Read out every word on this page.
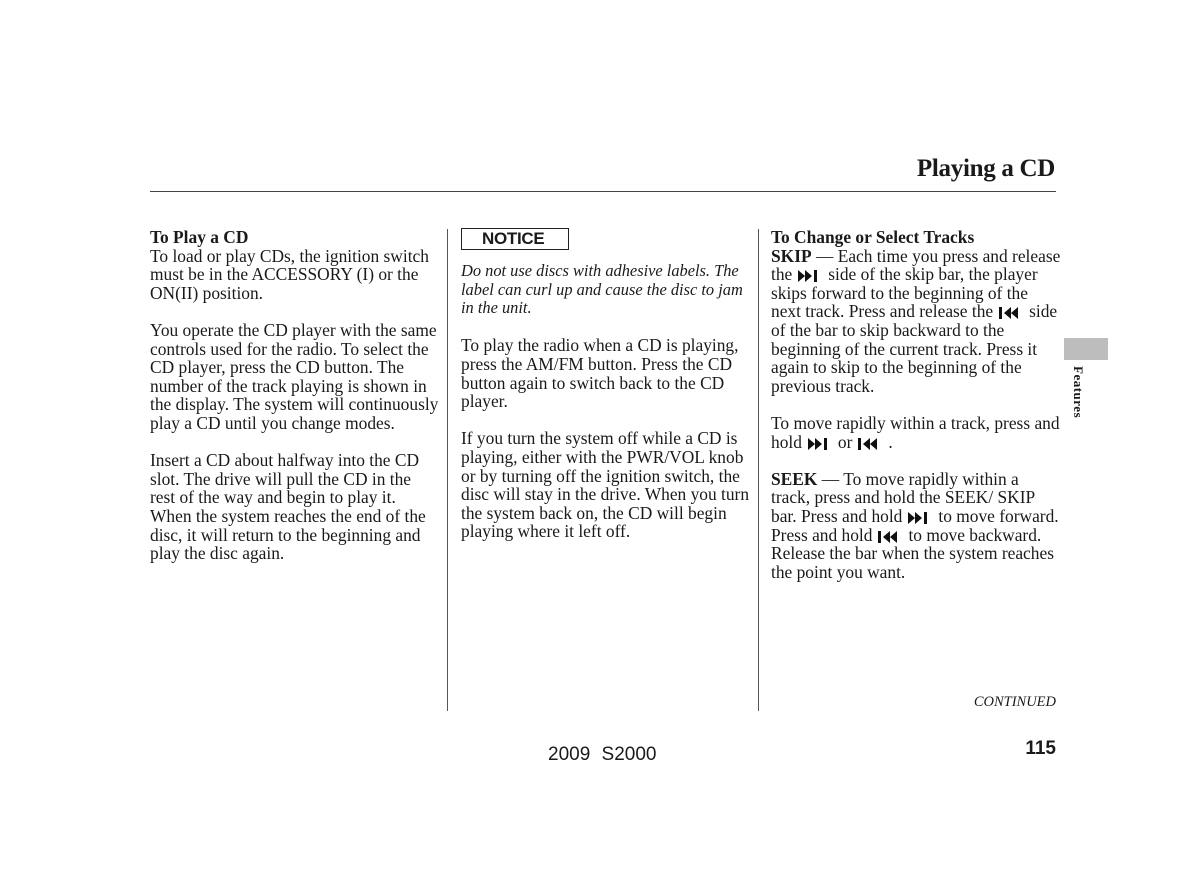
Playing a CD
To Play a CD

To load or play CDs, the ignition switch must be in the ACCESSORY (I) or the ON(II) position.

You operate the CD player with the same controls used for the radio. To select the CD player, press the CD button. The number of the track playing is shown in the display. The system will continuously play a CD until you change modes.

Insert a CD about halfway into the CD slot. The drive will pull the CD in the rest of the way and begin to play it. When the system reaches the end of the disc, it will return to the beginning and play the disc again.

NOTICE

Do not use discs with adhesive labels. The label can curl up and cause the disc to jam in the unit.

To play the radio when a CD is playing, press the AM/FM button. Press the CD button again to switch back to the CD player.

If you turn the system off while a CD is playing, either with the PWR/VOL knob or by turning off the ignition switch, the disc will stay in the drive. When you turn the system back on, the CD will begin playing where it left off.

To Change or Select Tracks

SKIP — Each time you press and release the side of the skip bar, the player skips forward to the beginning of the next track. Press and release the side of the bar to skip backward to the beginning of the current track. Press it again to skip to the beginning of the previous track.

To move rapidly within a track, press and hold or .

SEEK — To move rapidly within a track, press and hold the SEEK/ SKIP bar. Press and hold to move forward. Press and hold to move backward. Release the bar when the system reaches the point you want.

Features
CONTINUED
115
2009 S2000
